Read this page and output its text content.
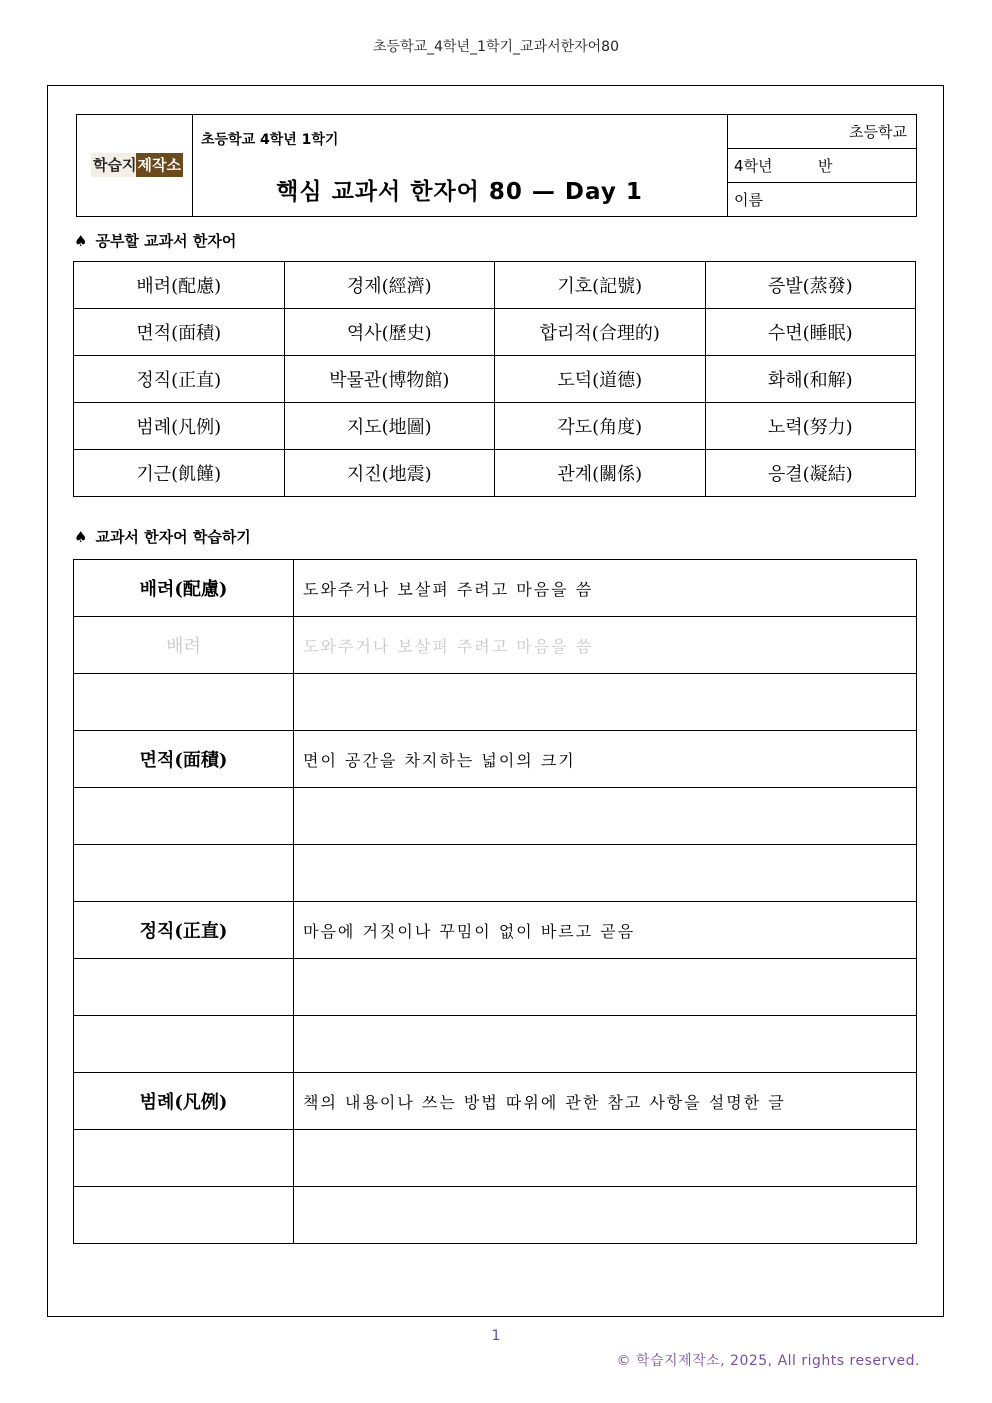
초등학교_4학년_1학기_교과서한자어80
학습지 제작소
초등학교 4학년 1학기
핵심 교과서 한자어 80 — Day 1
초등학교
4학년	반
이름
♠ 공부할 교과서 한자어
배려(配慮)	경제(經濟)	기호(記號)	증발(蒸發)
면적(面積)	역사(歷史)	합리적(合理的)	수면(睡眠)
정직(正直)	박물관(博物館)	도덕(道德)	화해(和解)
범례(凡例)	지도(地圖)	각도(角度)	노력(努力)
기근(飢饉)	지진(地震)	관계(關係)	응결(凝結)
♠ 교과서 한자어 학습하기
배려(配慮)	도와주거나 보살펴 주려고 마음을 씀
배려	도와주거나 보살펴 주려고 마음을 씀

면적(面積)	면이 공간을 차지하는 넓이의 크기

정직(正直)	마음에 거짓이나 꾸밈이 없이 바르고 곧음

범례(凡例)	책의 내용이나 쓰는 방법 따위에 관한 참고 사항을 설명한 글

1
© 학습지제작소, 2025, All rights reserved.
